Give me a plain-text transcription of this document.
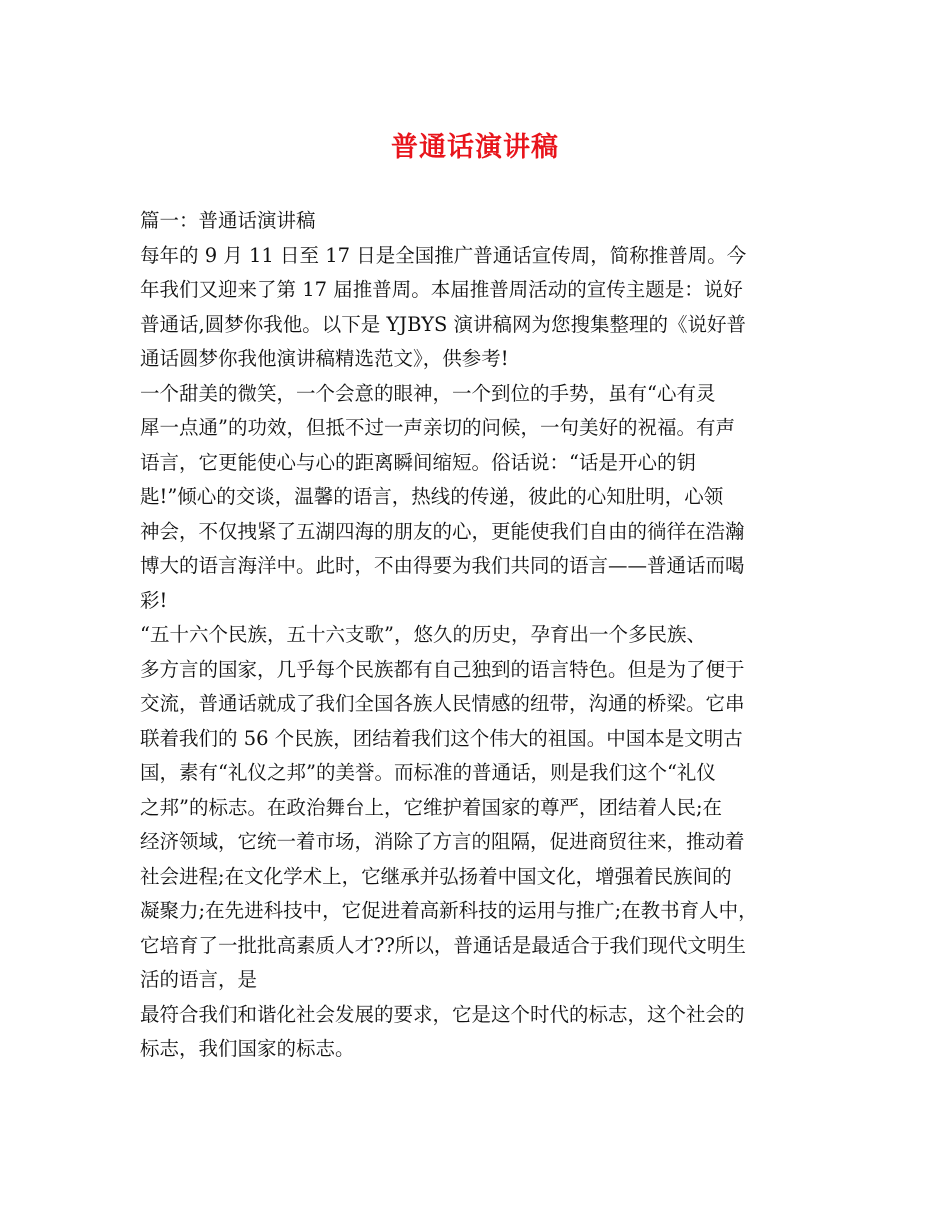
普通话演讲稿
篇一：普通话演讲稿
每年的 9 月 11 日至 17 日是全国推广普通话宣传周，简称推普周。今
年我们又迎来了第 17 届推普周。本届推普周活动的宣传主题是：说好
普通话,圆梦你我他。以下是 YJBYS 演讲稿网为您搜集整理的《说好普
通话圆梦你我他演讲稿精选范文》，供参考!
一个甜美的微笑，一个会意的眼神，一个到位的手势，虽有“心有灵
犀一点通”的功效，但抵不过一声亲切的问候，一句美好的祝福。有声
语言，它更能使心与心的距离瞬间缩短。俗话说：“话是开心的钥
匙!”倾心的交谈，温馨的语言，热线的传递，彼此的心知肚明，心领
神会，不仅拽紧了五湖四海的朋友的心，更能使我们自由的徜徉在浩瀚
博大的语言海洋中。此时，不由得要为我们共同的语言——普通话而喝
彩!
“五十六个民族，五十六支歌”，悠久的历史，孕育出一个多民族、
多方言的国家，几乎每个民族都有自己独到的语言特色。但是为了便于
交流，普通话就成了我们全国各族人民情感的纽带，沟通的桥梁。它串
联着我们的 56 个民族，团结着我们这个伟大的祖国。中国本是文明古
国，素有“礼仪之邦”的美誉。而标准的普通话，则是我们这个“礼仪
之邦”的标志。在政治舞台上，它维护着国家的尊严，团结着人民;在
经济领域，它统一着市场，消除了方言的阻隔，促进商贸往来，推动着
社会进程;在文化学术上，它继承并弘扬着中国文化，增强着民族间的
凝聚力;在先进科技中，它促进着高新科技的运用与推广;在教书育人中，
它培育了一批批高素质人才??所以，普通话是最适合于我们现代文明生
活的语言，是
最符合我们和谐化社会发展的要求，它是这个时代的标志，这个社会的
标志，我们国家的标志。
